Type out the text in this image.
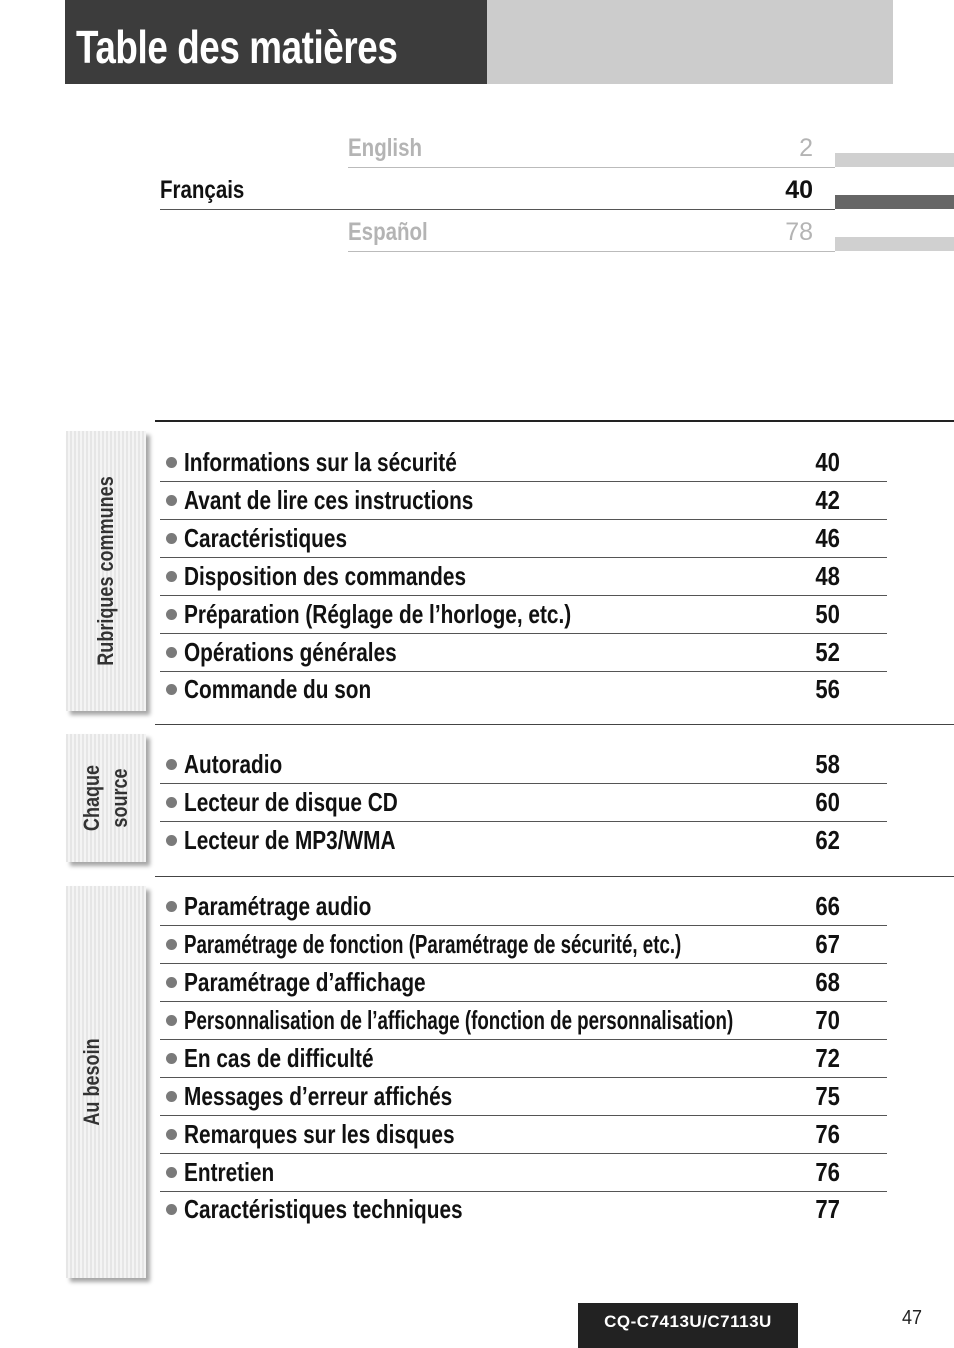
Table des matières
English	2
Français	40
Español	78
Rubriques communes
Informations sur la sécurité	40
Avant de lire ces instructions	42
Caractéristiques	46
Disposition des commandes	48
Préparation (Réglage de l’horloge, etc.)	50
Opérations générales	52
Commande du son	56
Chaque source
Autoradio	58
Lecteur de disque CD	60
Lecteur de MP3/WMA	62
Au besoin
Paramétrage audio	66
Paramétrage de fonction (Paramétrage de sécurité, etc.)	67
Paramétrage d’affichage	68
Personnalisation de l’affichage (fonction de personnalisation)	70
En cas de difficulté	72
Messages d’erreur affichés	75
Remarques sur les disques	76
Entretien	76
Caractéristiques techniques	77
CQ-C7413U/C7113U	47
